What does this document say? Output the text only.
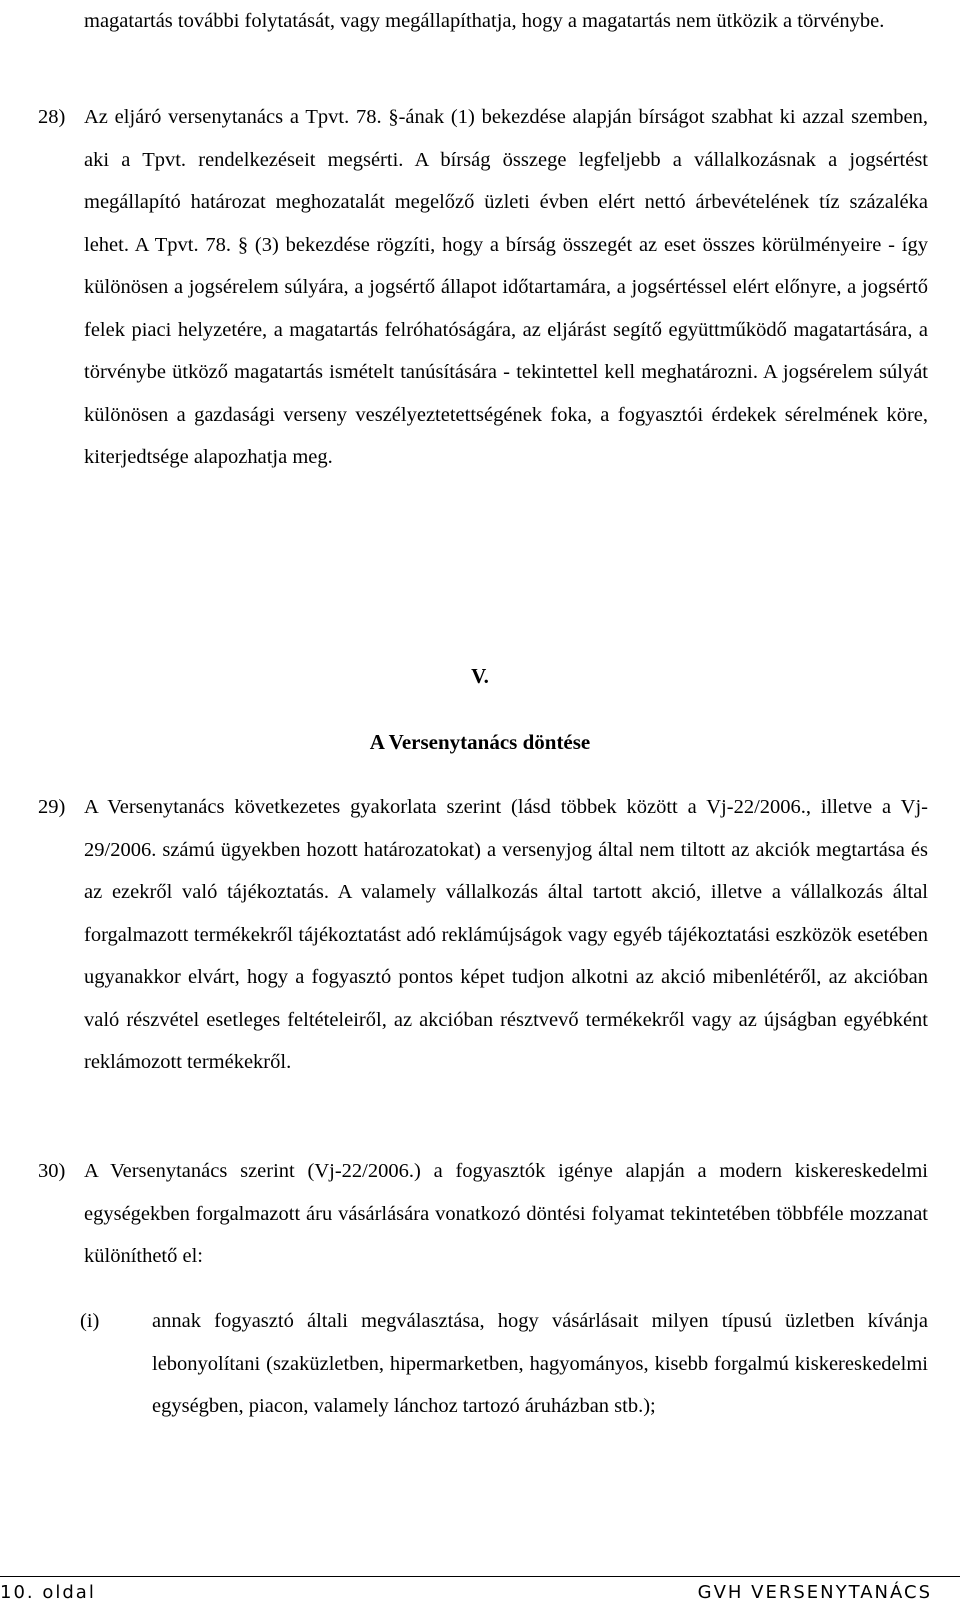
magatartás további folytatását, vagy megállapíthatja, hogy a magatartás nem ütközik a törvénybe.

28) Az eljáró versenytanács a Tpvt. 78. §-ának (1) bekezdése alapján bírságot szabhat ki azzal szemben, aki a Tpvt. rendelkezéseit megsérti. A bírság összege legfeljebb a vállalkozásnak a jogsértést megállapító határozat meghozatalát megelőző üzleti évben elért nettó árbevételének tíz százaléka lehet. A Tpvt. 78. § (3) bekezdése rögzíti, hogy a bírság összegét az eset összes körülményeire - így különösen a jogsérelem súlyára, a jogsértő állapot időtartamára, a jogsértéssel elért előnyre, a jogsértő felek piaci helyzetére, a magatartás felróhatóságára, az eljárást segítő együttműködő magatartására, a törvénybe ütköző magatartás ismételt tanúsítására - tekintettel kell meghatározni. A jogsérelem súlyát különösen a gazdasági verseny veszélyeztetettségének foka, a fogyasztói érdekek sérelmének köre, kiterjedtsége alapozhatja meg.

V.
A Versenytanács döntése
29) A Versenytanács következetes gyakorlata szerint (lásd többek között a Vj-22/2006., illetve a Vj-29/2006. számú ügyekben hozott határozatokat) a versenyjog által nem tiltott az akciók megtartása és az ezekről való tájékoztatás. A valamely vállalkozás által tartott akció, illetve a vállalkozás által forgalmazott termékekről tájékoztatást adó reklámújságok vagy egyéb tájékoztatási eszközök esetében ugyanakkor elvárt, hogy a fogyasztó pontos képet tudjon alkotni az akció mibenlétéről, az akcióban való részvétel esetleges feltételeiről, az akcióban résztvevő termékekről vagy az újságban egyébként reklámozott termékekről.

30) A Versenytanács szerint (Vj-22/2006.) a fogyasztók igénye alapján a modern kiskereskedelmi egységekben forgalmazott áru vásárlására vonatkozó döntési folyamat tekintetében többféle mozzanat különíthető el:

(i)	annak fogyasztó általi megválasztása, hogy vásárlásait milyen típusú üzletben kívánja lebonyolítani (szaküzletben, hipermarketben, hagyományos, kisebb forgalmú kiskereskedelmi egységben, piacon, valamely lánchoz tartozó áruházban stb.);

10. oldal	GVH VERSENYTANÁCS
